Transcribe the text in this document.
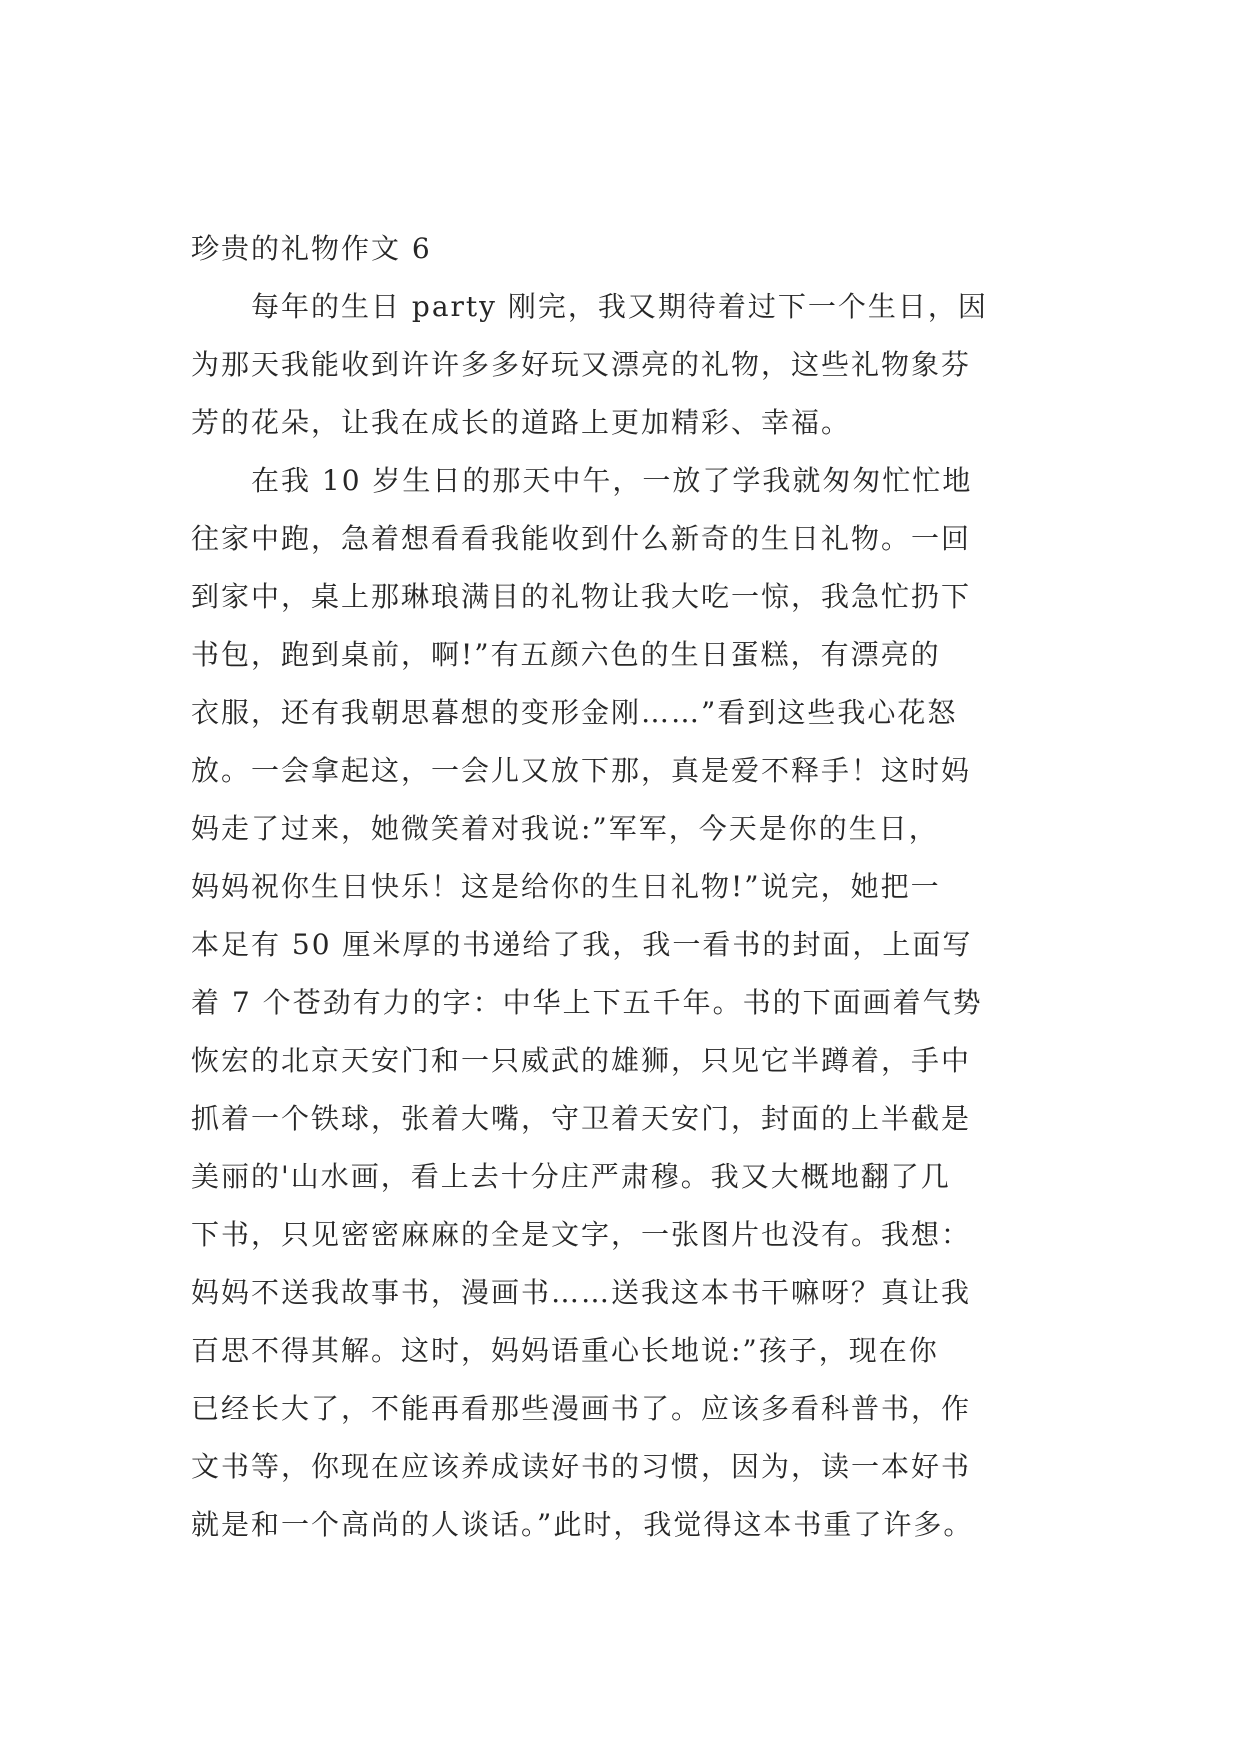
珍贵的礼物作文 6
　　每年的生日 party 刚完，我又期待着过下一个生日，因
为那天我能收到许许多多好玩又漂亮的礼物，这些礼物象芬
芳的花朵，让我在成长的道路上更加精彩、幸福。
　　在我 10 岁生日的那天中午，一放了学我就匆匆忙忙地
往家中跑，急着想看看我能收到什么新奇的生日礼物。一回
到家中，桌上那琳琅满目的礼物让我大吃一惊，我急忙扔下
书包，跑到桌前，啊!”有五颜六色的生日蛋糕，有漂亮的
衣服，还有我朝思暮想的变形金刚……”看到这些我心花怒
放。一会拿起这，一会儿又放下那，真是爱不释手！这时妈
妈走了过来，她微笑着对我说:”军军，今天是你的生日，
妈妈祝你生日快乐！这是给你的生日礼物!”说完，她把一
本足有 50 厘米厚的书递给了我，我一看书的封面，上面写
着 7 个苍劲有力的字：中华上下五千年。书的下面画着气势
恢宏的北京天安门和一只威武的雄狮，只见它半蹲着，手中
抓着一个铁球，张着大嘴，守卫着天安门，封面的上半截是
美丽的'山水画，看上去十分庄严肃穆。我又大概地翻了几
下书，只见密密麻麻的全是文字，一张图片也没有。我想：
妈妈不送我故事书，漫画书……送我这本书干嘛呀？真让我
百思不得其解。这时，妈妈语重心长地说:”孩子，现在你
已经长大了，不能再看那些漫画书了。应该多看科普书，作
文书等，你现在应该养成读好书的习惯，因为，读一本好书
就是和一个高尚的人谈话。”此时，我觉得这本书重了许多。
